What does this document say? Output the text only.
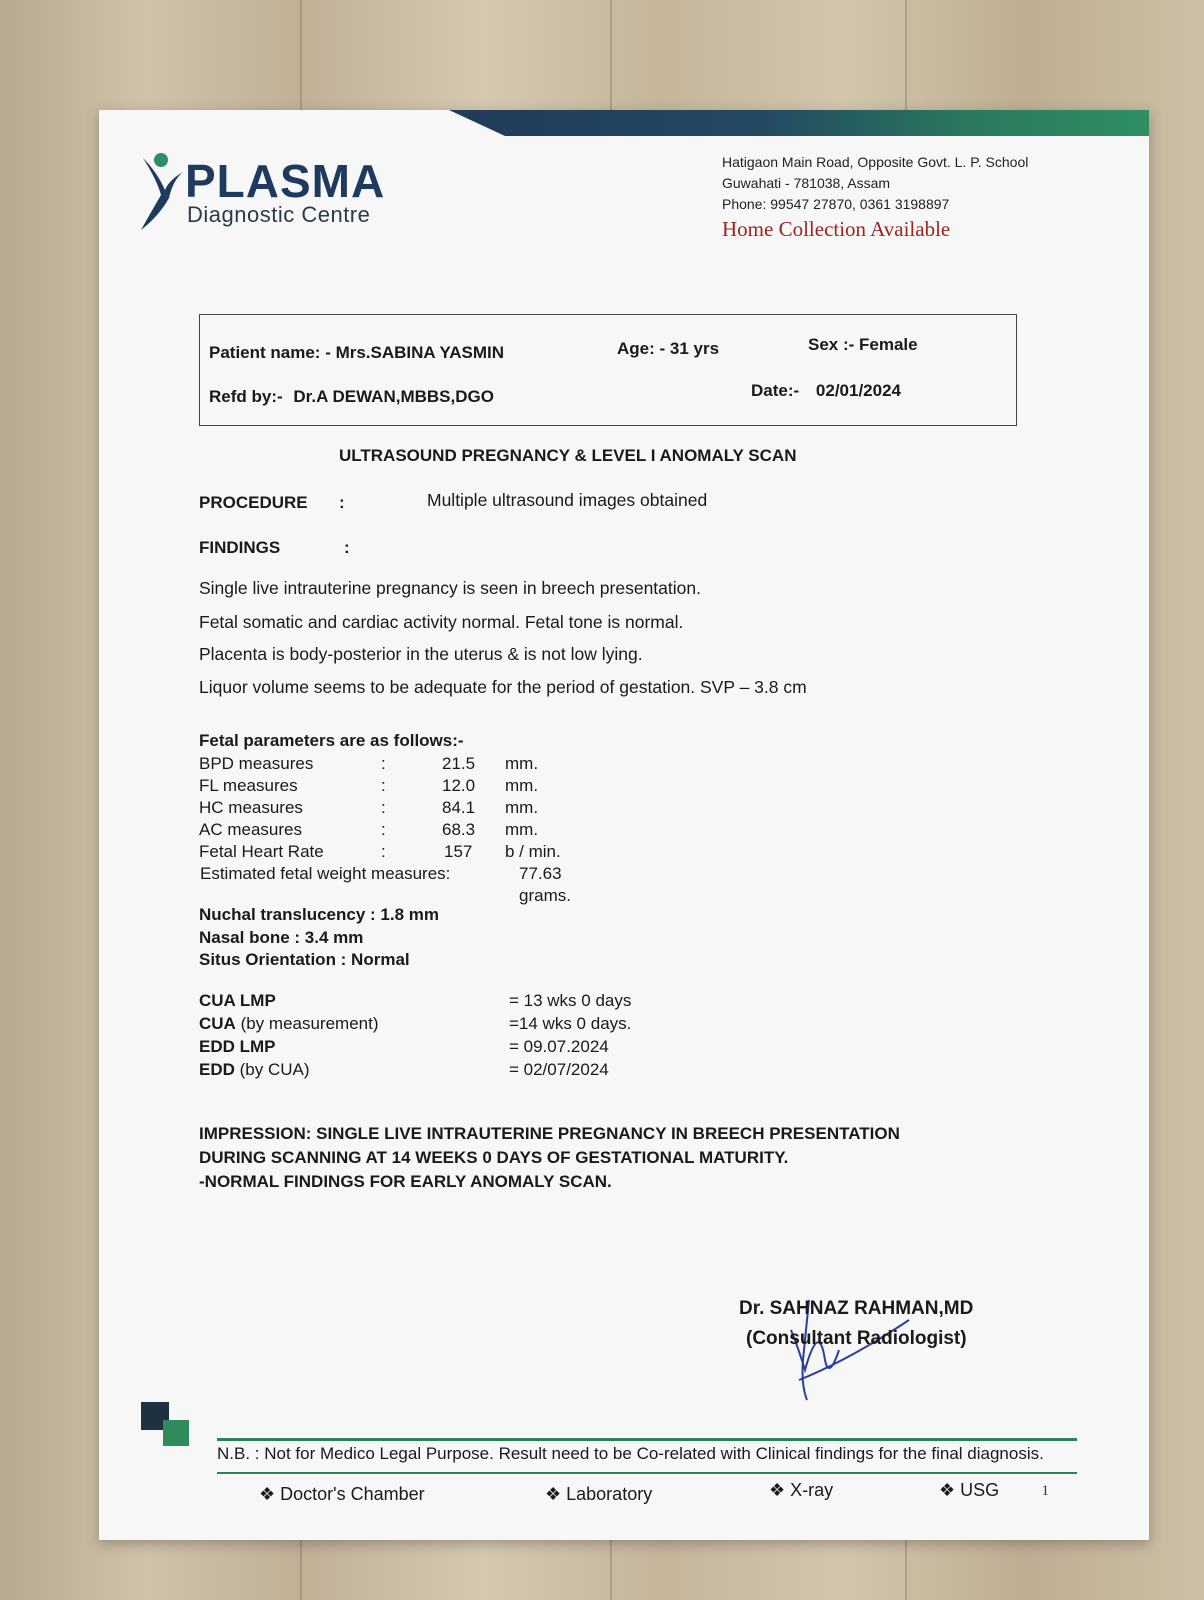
PLASMA
Diagnostic Centre
Hatigaon Main Road, Opposite Govt. L. P. School
Guwahati - 781038, Assam
Phone: 99547 27870, 0361 3198897
Home Collection Available
Patient name: - Mrs.SABINA YASMIN	Age: - 31 yrs	Sex :- Female
Refd by:- Dr.A DEWAN,MBBS,DGO	Date:- 02/01/2024
ULTRASOUND PREGNANCY & LEVEL I ANOMALY SCAN
PROCEDURE :	Multiple ultrasound images obtained
FINDINGS	:
Single live intrauterine pregnancy is seen in breech presentation.
Fetal somatic and cardiac activity normal. Fetal tone is normal.
Placenta is body-posterior in the uterus & is not low lying.
Liquor volume seems to be adequate for the period of gestation. SVP – 3.8 cm
Fetal parameters are as follows:-
BPD measures	:	21.5 mm.
FL measures	:	12.0 mm.
HC measures	:	84.1 mm.
AC measures	:	68.3 mm.
Fetal Heart Rate	:	157 b / min.
Estimated fetal weight measures:	77.63 grams.
Nuchal translucency : 1.8 mm
Nasal bone : 3.4 mm
Situs Orientation : Normal
CUA LMP	= 13 wks 0 days
CUA (by measurement)	=14 wks 0 days.
EDD LMP	= 09.07.2024
EDD (by CUA)	= 02/07/2024
IMPRESSION: SINGLE LIVE INTRAUTERINE PREGNANCY IN BREECH PRESENTATION
DURING SCANNING AT 14 WEEKS 0 DAYS OF GESTATIONAL MATURITY.
-NORMAL FINDINGS FOR EARLY ANOMALY SCAN.
Dr. SAHNAZ RAHMAN,MD
(Consultant Radiologist)
N.B. : Not for Medico Legal Purpose. Result need to be Co-related with Clinical findings for the final diagnosis.
❖ Doctor's Chamber	❖ Laboratory	❖ X-ray	❖ USG	1
